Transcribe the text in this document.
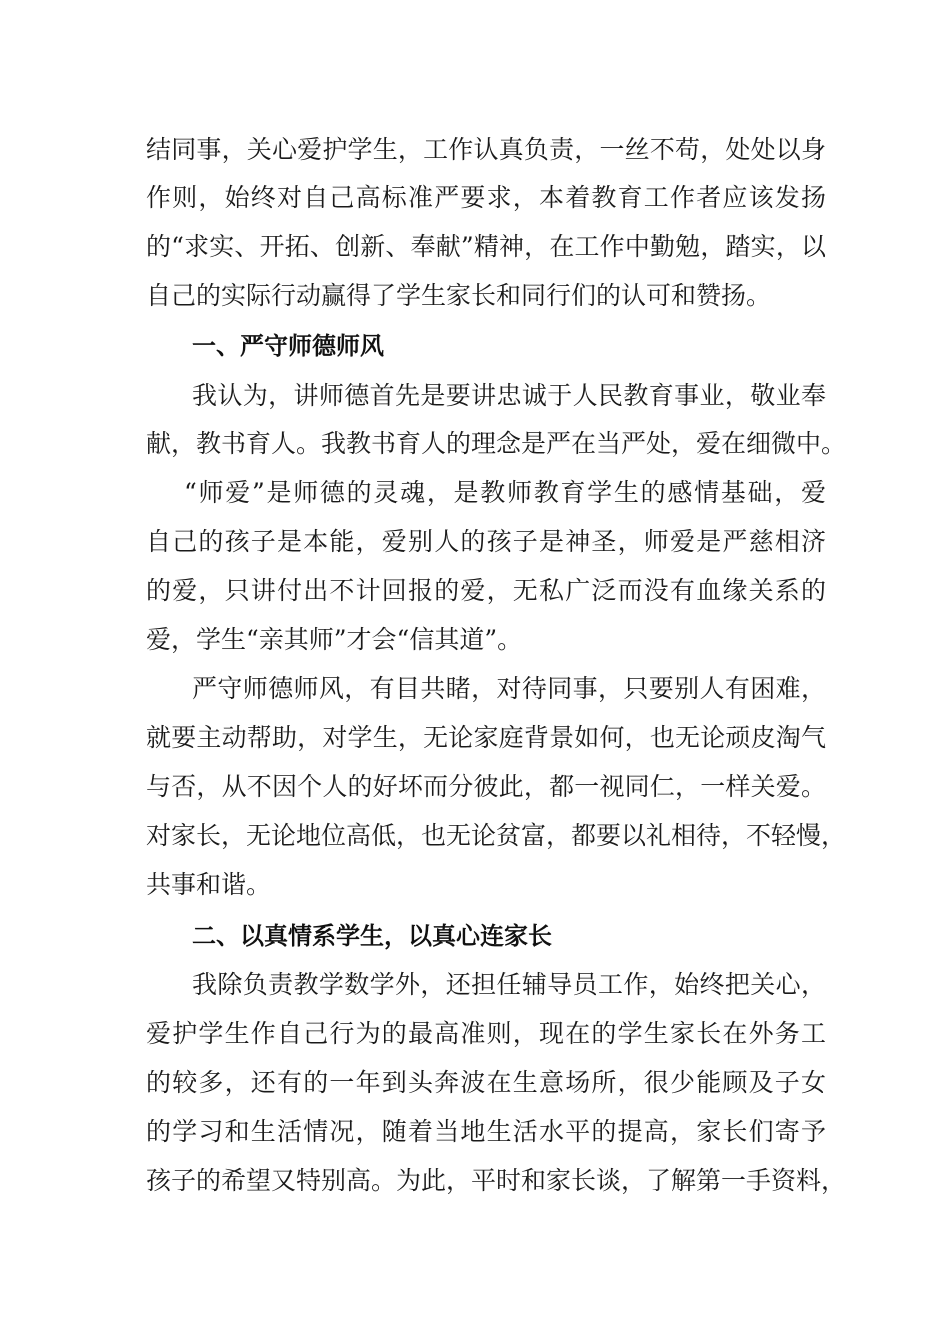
结同事，关心爱护学生，工作认真负责，一丝不苟，处处以身
作则，始终对自己高标准严要求，本着教育工作者应该发扬
的“求实、开拓、创新、奉献”精神，在工作中勤勉，踏实，以
自己的实际行动赢得了学生家长和同行们的认可和赞扬。
一、严守师德师风
我认为，讲师德首先是要讲忠诚于人民教育事业，敬业奉
献，教书育人。我教书育人的理念是严在当严处，爱在细微中。
“师爱”是师德的灵魂，是教师教育学生的感情基础，爱
自己的孩子是本能，爱别人的孩子是神圣，师爱是严慈相济
的爱，只讲付出不计回报的爱，无私广泛而没有血缘关系的
爱，学生“亲其师”才会“信其道”。
严守师德师风，有目共睹，对待同事，只要别人有困难，
就要主动帮助，对学生，无论家庭背景如何，也无论顽皮淘气
与否，从不因个人的好坏而分彼此，都一视同仁，一样关爱。
对家长，无论地位高低，也无论贫富，都要以礼相待，不轻慢，
共事和谐。
二、以真情系学生，以真心连家长
我除负责教学数学外，还担任辅导员工作，始终把关心，
爱护学生作自己行为的最高准则，现在的学生家长在外务工
的较多，还有的一年到头奔波在生意场所，很少能顾及子女
的学习和生活情况，随着当地生活水平的提高，家长们寄予
孩子的希望又特别高。为此，平时和家长谈，了解第一手资料，
